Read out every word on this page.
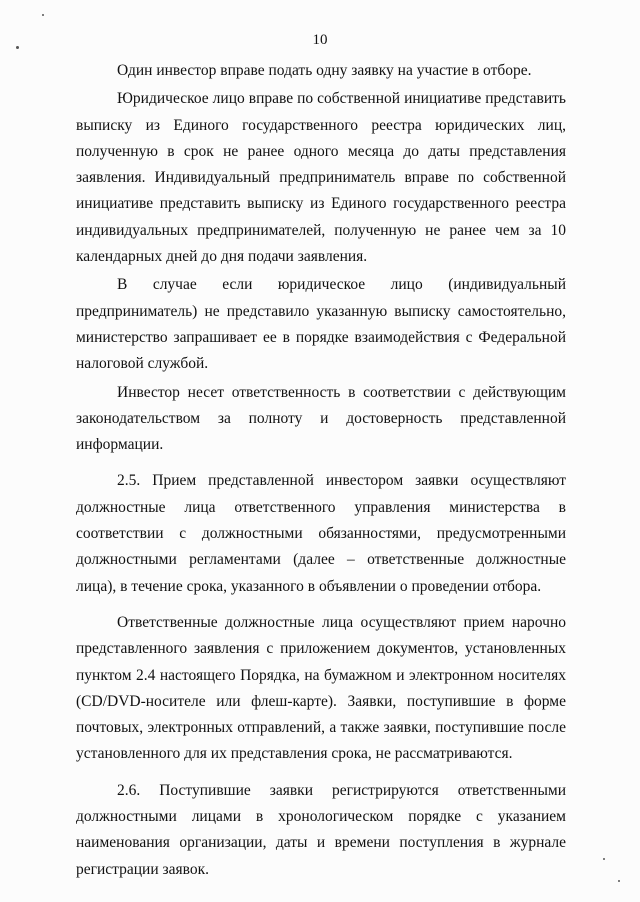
10

Один инвестор вправе подать одну заявку на участие в отборе.

Юридическое лицо вправе по собственной инициативе представить выписку из Единого государственного реестра юридических лиц, полученную в срок не ранее одного месяца до даты представления заявления. Индивидуальный предприниматель вправе по собственной инициативе представить выписку из Единого государственного реестра индивидуальных предпринимателей, полученную не ранее чем за 10 календарных дней до дня подачи заявления.

В случае если юридическое лицо (индивидуальный предприниматель) не представило указанную выписку самостоятельно, министерство запрашивает ее в порядке взаимодействия с Федеральной налоговой службой.

Инвестор несет ответственность в соответствии с действующим законодательством за полноту и достоверность представленной информации.

2.5. Прием представленной инвестором заявки осуществляют должностные лица ответственного управления министерства в соответствии с должностными обязанностями, предусмотренными должностными регламентами (далее – ответственные должностные лица), в течение срока, указанного в объявлении о проведении отбора.

Ответственные должностные лица осуществляют прием нарочно представленного заявления с приложением документов, установленных пунктом 2.4 настоящего Порядка, на бумажном и электронном носителях (CD/DVD-носителе или флеш-карте). Заявки, поступившие в форме почтовых, электронных отправлений, а также заявки, поступившие после установленного для их представления срока, не рассматриваются.

2.6. Поступившие заявки регистрируются ответственными должностными лицами в хронологическом порядке с указанием наименования организации, даты и времени поступления в журнале регистрации заявок.
